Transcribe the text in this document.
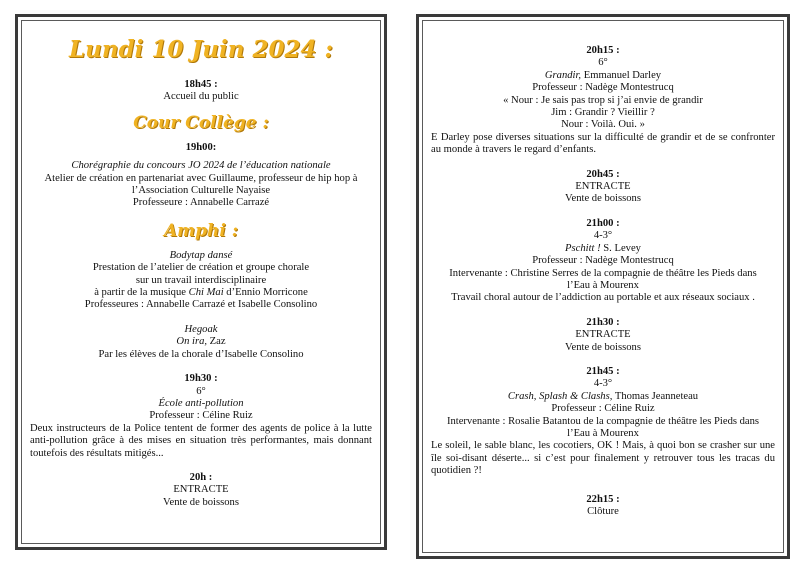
Lundi 10 Juin 2024 :
18h45 :
Accueil du public
Cour Collège :
19h00:
Chorégraphie du concours JO 2024 de l’éducation nationale
Atelier de création en partenariat avec Guillaume, professeur de hip hop à
l’Association Culturelle Nayaise
Professeure : Annabelle Carrazé
Amphi :
Bodytap dansé
Prestation de l’atelier de création et groupe chorale
sur un travail interdisciplinaire
à partir de la musique Chi Mai d’Ennio Morricone
Professeures : Annabelle Carrazé et Isabelle Consolino
Hegoak
On ira, Zaz
Par les élèves de la chorale d’Isabelle Consolino
19h30 :
6°
École anti-pollution
Professeur : Céline Ruiz
Deux instructeurs de la Police tentent de former des agents de police à la lutte anti-pollution grâce à des mises en situation très performantes, mais donnant toutefois des résultats mitigés...
20h :
ENTRACTE
Vente de boissons
20h15 :
6°
Grandir, Emmanuel Darley
Professeur : Nadège Montestrucq
« Nour : Je sais pas trop si j’ai envie de grandir
Jim : Grandir ? Vieillir ?
Nour : Voilà. Oui. »
E Darley pose diverses situations sur la difficulté de grandir et de se confronter au monde à travers le regard d’enfants.
20h45 :
ENTRACTE
Vente de boissons
21h00 :
4-3°
Pschitt ! S. Levey
Professeur : Nadège Montestrucq
Intervenante : Christine Serres de la compagnie de théâtre les Pieds dans
l’Eau à Mourenx
Travail choral autour de l’addiction au portable et aux réseaux sociaux .
21h30 :
ENTRACTE
Vente de boissons
21h45 :
4-3°
Crash, Splash & Clashs, Thomas Jeanneteau
Professeur : Céline Ruiz
Intervenante : Rosalie Batantou de la compagnie de théâtre les Pieds dans
l’Eau à Mourenx
Le soleil, le sable blanc, les cocotiers, OK ! Mais, à quoi bon se crasher sur une île soi-disant déserte... si c’est pour finalement y retrouver tous les tracas du quotidien ?!
22h15 :
Clôture
